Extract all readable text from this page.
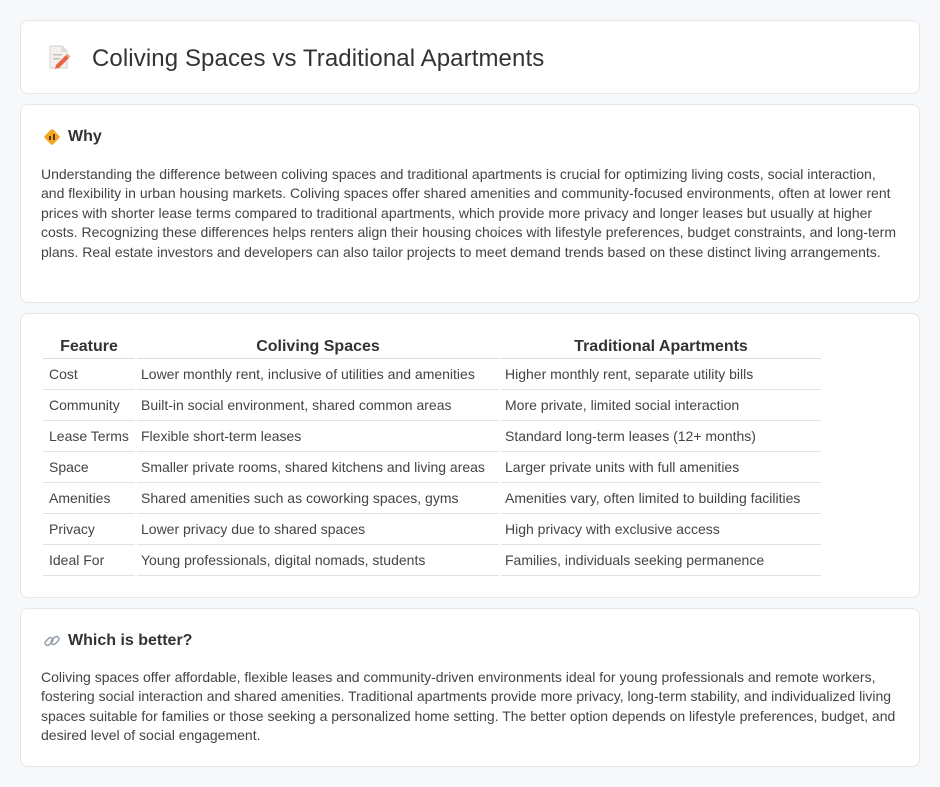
Coliving Spaces vs Traditional Apartments
Why

Understanding the difference between coliving spaces and traditional apartments is crucial for optimizing living costs, social interaction, and flexibility in urban housing markets. Coliving spaces offer shared amenities and community-focused environments, often at lower rent prices with shorter lease terms compared to traditional apartments, which provide more privacy and longer leases but usually at higher costs. Recognizing these differences helps renters align their housing choices with lifestyle preferences, budget constraints, and long-term plans. Real estate investors and developers can also tailor projects to meet demand trends based on these distinct living arrangements.

Feature	Coliving Spaces	Traditional Apartments
Cost	Lower monthly rent, inclusive of utilities and amenities	Higher monthly rent, separate utility bills
Community	Built-in social environment, shared common areas	More private, limited social interaction
Lease Terms	Flexible short-term leases	Standard long-term leases (12+ months)
Space	Smaller private rooms, shared kitchens and living areas	Larger private units with full amenities
Amenities	Shared amenities such as coworking spaces, gyms	Amenities vary, often limited to building facilities
Privacy	Lower privacy due to shared spaces	High privacy with exclusive access
Ideal For	Young professionals, digital nomads, students	Families, individuals seeking permanence
Which is better?

Coliving spaces offer affordable, flexible leases and community-driven environments ideal for young professionals and remote workers, fostering social interaction and shared amenities. Traditional apartments provide more privacy, long-term stability, and individualized living spaces suitable for families or those seeking a personalized home setting. The better option depends on lifestyle preferences, budget, and desired level of social engagement.
